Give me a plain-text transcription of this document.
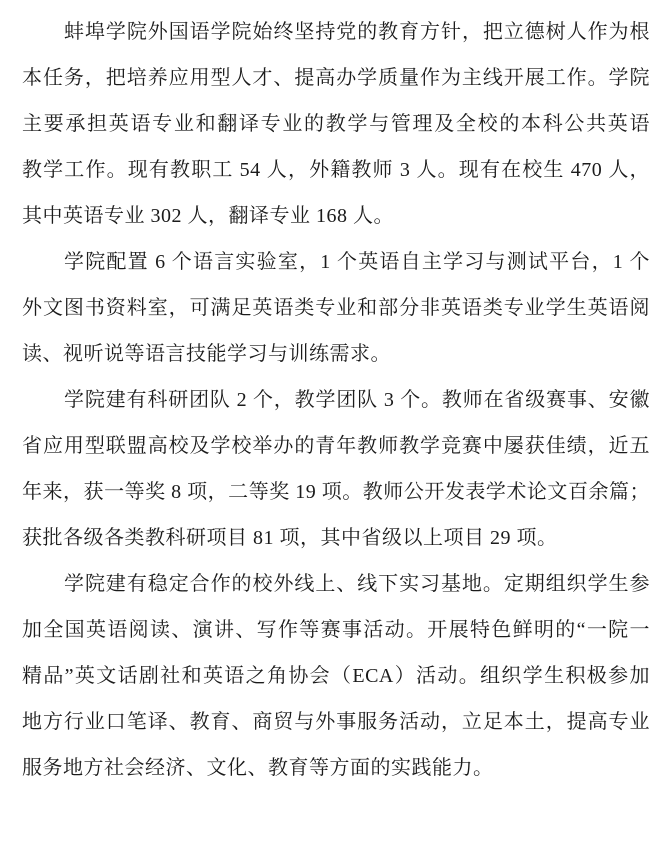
蚌埠学院外国语学院始终坚持党的教育方针，把立德树人作为根
本任务，把培养应用型人才、提高办学质量作为主线开展工作。学院
主要承担英语专业和翻译专业的教学与管理及全校的本科公共英语
教学工作。现有教职工 54 人，外籍教师 3 人。现有在校生 470 人，
其中英语专业 302 人，翻译专业 168 人。
学院配置 6 个语言实验室，1 个英语自主学习与测试平台，1 个
外文图书资料室，可满足英语类专业和部分非英语类专业学生英语阅
读、视听说等语言技能学习与训练需求。
学院建有科研团队 2 个，教学团队 3 个。教师在省级赛事、安徽
省应用型联盟高校及学校举办的青年教师教学竞赛中屡获佳绩，近五
年来，获一等奖 8 项，二等奖 19 项。教师公开发表学术论文百余篇；
获批各级各类教科研项目 81 项，其中省级以上项目 29 项。
学院建有稳定合作的校外线上、线下实习基地。定期组织学生参
加全国英语阅读、演讲、写作等赛事活动。开展特色鲜明的“一院一
精品”英文话剧社和英语之角协会（ECA）活动。组织学生积极参加
地方行业口笔译、教育、商贸与外事服务活动，立足本土，提高专业
服务地方社会经济、文化、教育等方面的实践能力。
